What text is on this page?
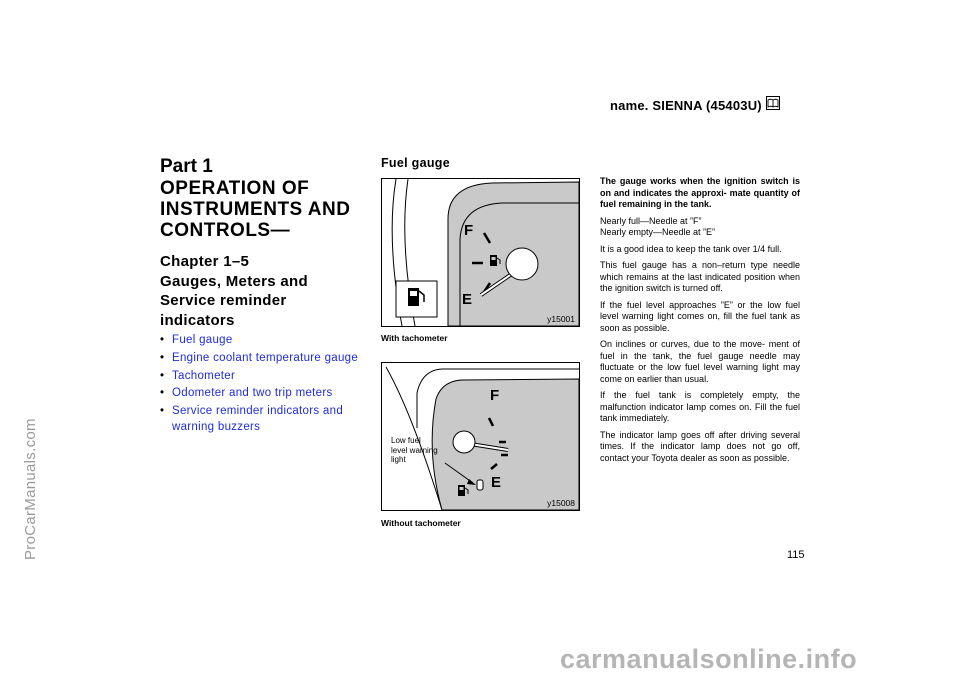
name. SIENNA (45403U)
ProCarManuals.com
carmanualsonline.info
Part 1
OPERATION OF
INSTRUMENTS AND
CONTROLS—
Chapter 1–5
Gauges, Meters and
Service reminder
indicators
• Fuel gauge
• Engine coolant temperature gauge
• Tachometer
• Odometer and two trip meters
• Service reminder indicators and warning buzzers
Fuel gauge
F
E
y15001
With tachometer
F
E
Low fuel
level warning
light
y15008
Without tachometer

The gauge works when the ignition switch is on and indicates the approxi- mate quantity of fuel remaining in the tank.

Nearly full—Needle at ”F”
Nearly empty—Needle at ”E”

It is a good idea to keep the tank over 1/4 full.

This fuel gauge has a non–return type needle which remains at the last indicated position when the ignition switch is turned off.

If the fuel level approaches ”E” or the low fuel level warning light comes on, fill the fuel tank as soon as possible.

On inclines or curves, due to the move- ment of fuel in the tank, the fuel gauge needle may fluctuate or the low fuel level warning light may come on earlier than usual.

If the fuel tank is completely empty, the malfunction indicator lamp comes on. Fill the fuel tank immediately.

The indicator lamp goes off after driving several times. If the indicator lamp does not go off, contact your Toyota dealer as soon as possible.

115
